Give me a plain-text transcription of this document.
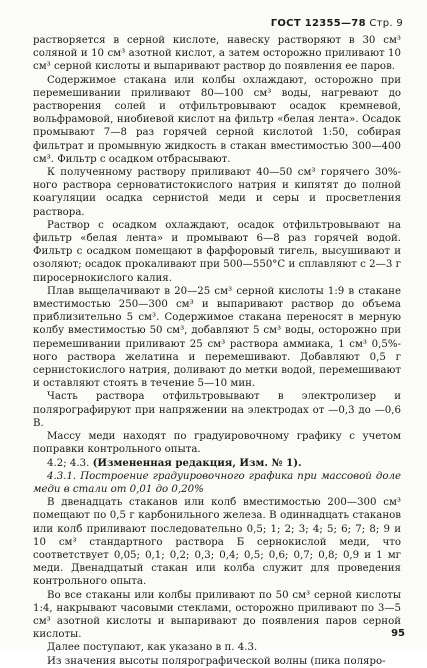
ГОСТ 12355—78 Стр. 9

растворяется в серной кислоте, навеску растворяют в 30 см³ соляной и 10 см³ азотной кислот, а затем осторожно приливают 10 см³ серной кислоты и выпаривают раствор до появления ее паров.

Содержимое стакана или колбы охлаждают, осторожно при перемешивании приливают 80—100 см³ воды, нагревают до растворения солей и отфильтровывают осадок кремневой, вольфрамовой, ниобиевой кислот на фильтр «белая лента». Осадок промывают 7—8 раз горячей серной кислотой 1:50, собирая фильтрат и промывную жидкость в стакан вместимостью 300—400 см³. Фильтр с осадком отбрасывают.

К полученному раствору приливают 40—50 см³ горячего 30%-ного раствора серноватистокислого натрия и кипятят до полной коагуляции осадка сернистой меди и серы и просветления раствора.

Раствор с осадком охлаждают, осадок отфильтровывают на фильтр «белая лента» и промывают 6—8 раз горячей водой. Фильтр с осадком помещают в фарфоровый тигель, высушивают и озоляют; осадок прокаливают при 500—550°С и сплавляют с 2—3 г пиросернокислого калия.

Плав выщелачивают в 20—25 см³ серной кислоты 1:9 в стакане вместимостью 250—300 см³ и выпаривают раствор до объема приблизительно 5 см³. Содержимое стакана переносят в мерную колбу вместимостью 50 см³, добавляют 5 см³ воды, осторожно при перемешивании приливают 25 см³ раствора аммиака, 1 см³ 0,5%-ного раствора желатина и перемешивают. Добавляют 0,5 г сернистокислого натрия, доливают до метки водой, перемешивают и оставляют стоять в течение 5—10 мин.

Часть раствора отфильтровывают в электролизер и полярографируют при напряжении на электродах от —0,3 до —0,6 В.

Массу меди находят по градуировочному графику с учетом поправки контрольного опыта.

4.2; 4.3. (Измененная редакция, Изм. № 1).

4.3.1. Построение градуировочного графика при массовой доле меди в стали от 0,01 до 0,20%

В двенадцать стаканов или колб вместимостью 200—300 см³ помещают по 0,5 г карбонильного железа. В одиннадцать стаканов или колб приливают последовательно 0,5; 1; 2; 3; 4; 5; 6; 7; 8; 9 и 10 см³ стандартного раствора Б сернокислой меди, что соответствует 0,05; 0,1; 0,2; 0,3; 0,4; 0,5; 0,6; 0,7; 0,8; 0,9 и 1 мг меди. Двенадцатый стакан или колба служит для проведения контрольного опыта.

Во все стаканы или колбы приливают по 50 см³ серной кислоты 1:4, накрывают часовыми стеклами, осторожно приливают по 3—5 см³ азотной кислоты и выпаривают до появления паров серной кислоты.

Далее поступают, как указано в п. 4.3.

Из значения высоты полярографической волны (пика поляро-

95
